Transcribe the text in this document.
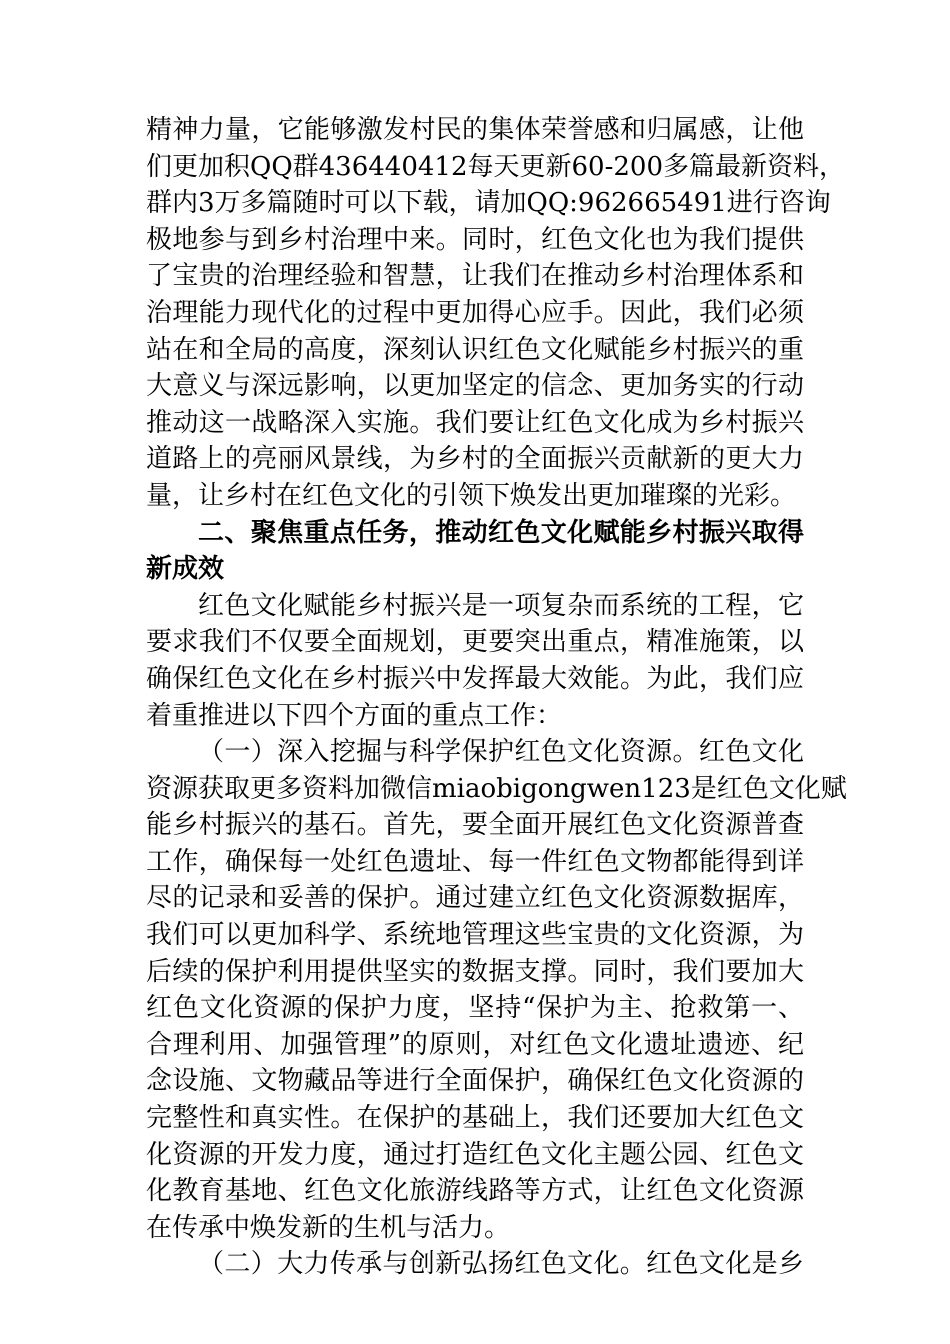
精神力量，它能够激发村民的集体荣誉感和归属感，让他
们更加积QQ群436440412每天更新60-200多篇最新资料，
群内3万多篇随时可以下载，请加QQ:962665491进行咨询
极地参与到乡村治理中来。同时，红色文化也为我们提供
了宝贵的治理经验和智慧，让我们在推动乡村治理体系和
治理能力现代化的过程中更加得心应手。因此，我们必须
站在和全局的高度，深刻认识红色文化赋能乡村振兴的重
大意义与深远影响，以更加坚定的信念、更加务实的行动
推动这一战略深入实施。我们要让红色文化成为乡村振兴
道路上的亮丽风景线，为乡村的全面振兴贡献新的更大力
量，让乡村在红色文化的引领下焕发出更加璀璨的光彩。
二、聚焦重点任务，推动红色文化赋能乡村振兴取得
新成效
红色文化赋能乡村振兴是一项复杂而系统的工程，它
要求我们不仅要全面规划，更要突出重点，精准施策，以
确保红色文化在乡村振兴中发挥最大效能。为此，我们应
着重推进以下四个方面的重点工作：
（一）深入挖掘与科学保护红色文化资源。红色文化
资源获取更多资料加微信miaobigongwen123是红色文化赋
能乡村振兴的基石。首先，要全面开展红色文化资源普查
工作，确保每一处红色遗址、每一件红色文物都能得到详
尽的记录和妥善的保护。通过建立红色文化资源数据库，
我们可以更加科学、系统地管理这些宝贵的文化资源，为
后续的保护利用提供坚实的数据支撑。同时，我们要加大
红色文化资源的保护力度，坚持“保护为主、抢救第一、
合理利用、加强管理”的原则，对红色文化遗址遗迹、纪
念设施、文物藏品等进行全面保护，确保红色文化资源的
完整性和真实性。在保护的基础上，我们还要加大红色文
化资源的开发力度，通过打造红色文化主题公园、红色文
化教育基地、红色文化旅游线路等方式，让红色文化资源
在传承中焕发新的生机与活力。
（二）大力传承与创新弘扬红色文化。红色文化是乡
